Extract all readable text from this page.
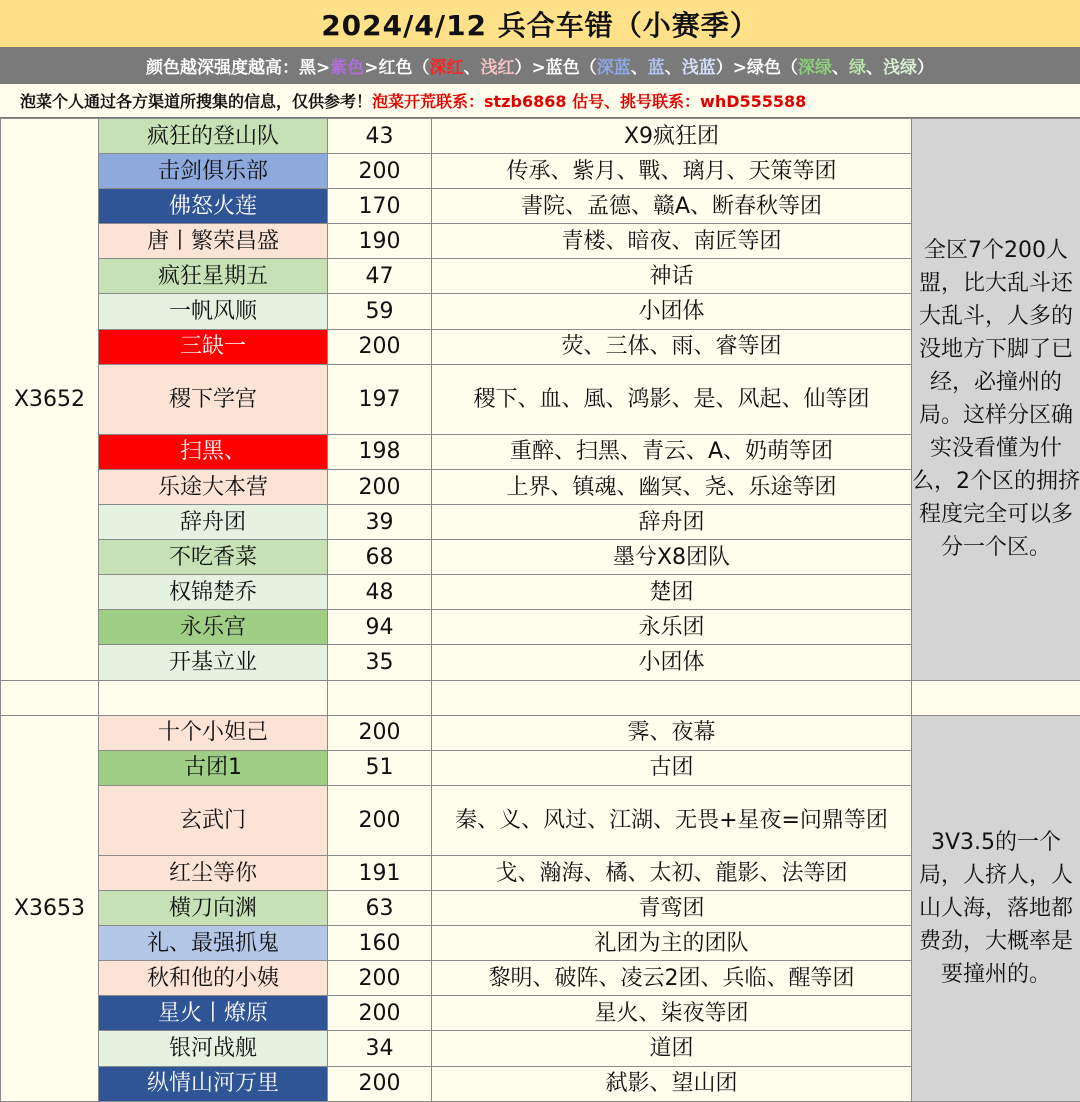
2024/4/12 兵合车错（小赛季）
颜色越深强度越高：黑> 紫色 >红色（ 深红 、 浅红 ）>蓝色（ 深蓝 、 蓝 、 浅蓝 ）>绿色（ 深绿 、 绿 、 浅绿 ）
泡菜个人通过各方渠道所搜集的信息，仅供参考！ 泡菜开荒联系：stzb6868 估号、挑号联系：whD555588
X3652	疯狂的登山队	43	X9疯狂团	全区7个200人盟，比大乱斗还大乱斗，人多的没地方下脚了已经，必撞州的局。这样分区确实没看懂为什么，2个区的拥挤程度完全可以多分一个区。
	击剑俱乐部	200	传承、紫月、戰、璃月、天策等团	
	佛怒火莲	170	書院、孟德、赣A、断春秋等团	
	唐丨繁荣昌盛	190	青楼、暗夜、南匠等团	
	疯狂星期五	47	神话	
	一帆风顺	59	小团体	
	三缺一	200	荧、三体、雨、睿等团	
	稷下学宫	197	稷下、血、風、鸿影、是、风起、仙等团	
	扫黑、	198	重醉、扫黑、青云、A、奶萌等团	
	乐途大本营	200	上界、镇魂、幽冥、尧、乐途等团	
	辞舟团	39	辞舟团	
	不吃香菜	68	墨兮X8团队	
	权锦楚乔	48	楚团	
	永乐宫	94	永乐团	
	开基立业	35	小团体	

X3653	十个小妲己	200	霁、夜幕	3V3.5的一个局，人挤人，人山人海，落地都费劲，大概率是要撞州的。
	古团1	51	古团	
	玄武门	200	秦、义、风过、江湖、无畏+星夜=问鼎等团	
	红尘等你	191	戈、瀚海、橘、太初、龍影、法等团	
	横刀向渊	63	青鸾团	
	礼、最强抓鬼	160	礼团为主的团队	
	秋和他的小姨	200	黎明、破阵、凌云2团、兵临、醒等团	
	星火丨燎原	200	星火、柒夜等团	
	银河战舰	34	道团	
	纵情山河万里	200	弑影、望山团	
